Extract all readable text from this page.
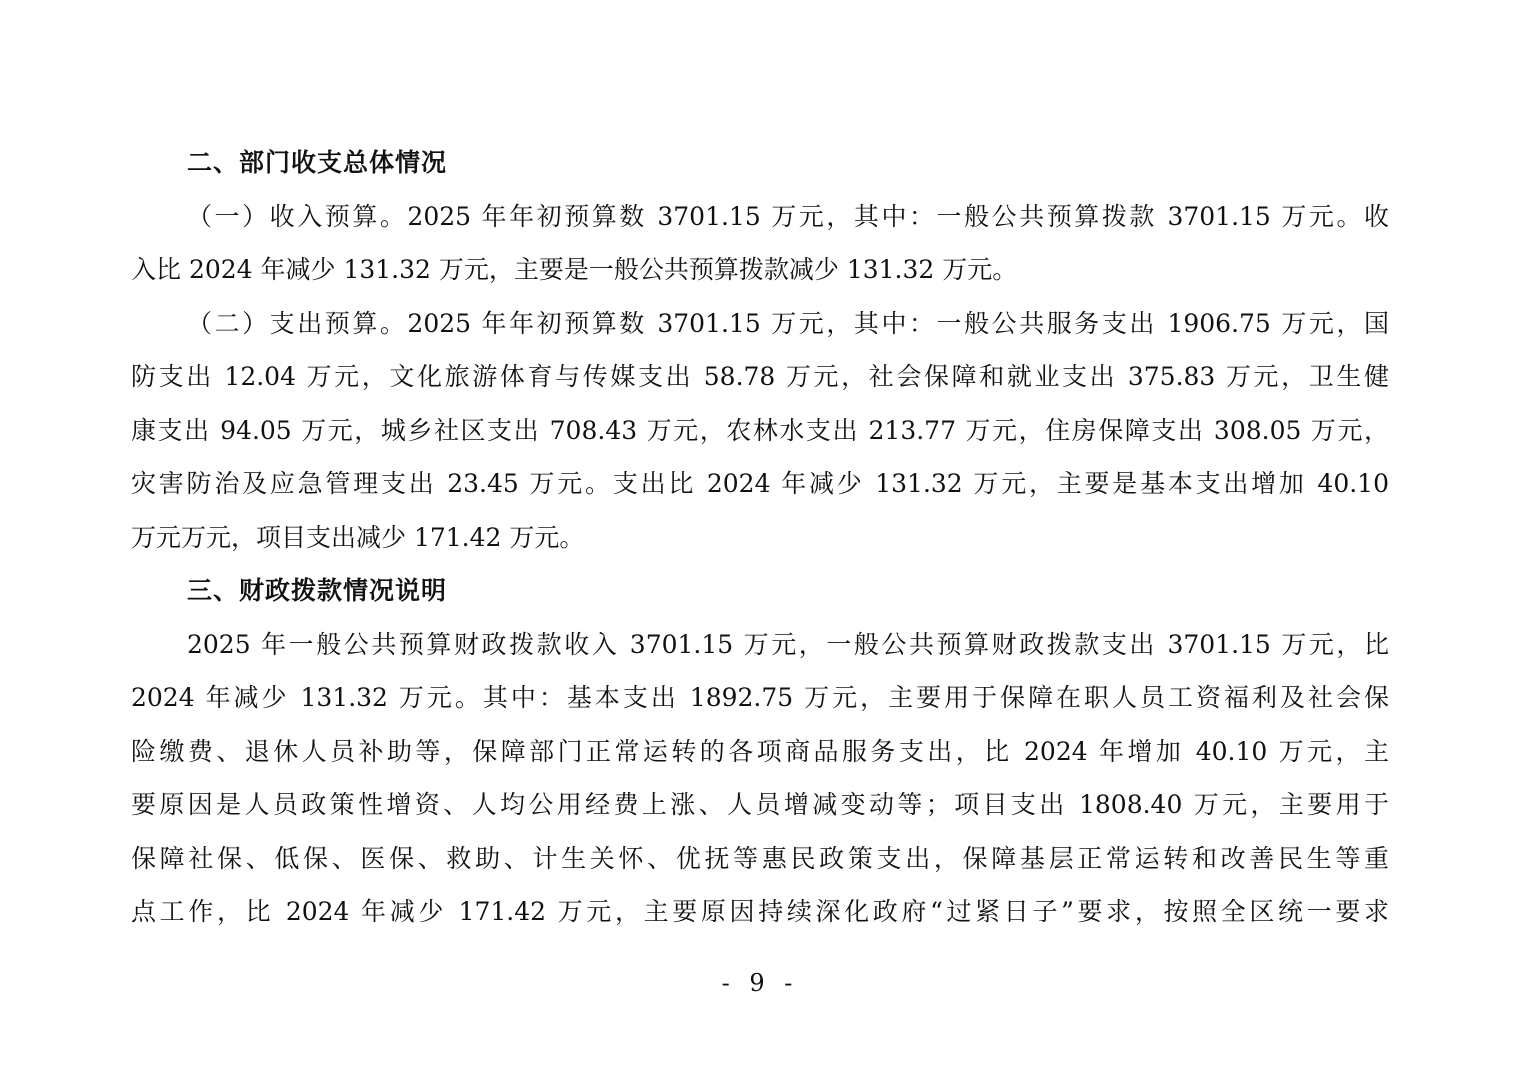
二、部门收支总体情况
（一）收入预算。2025 年年初预算数 3701.15 万元，其中：一般公共预算拨款 3701.15 万元。收
入比 2024 年减少 131.32 万元，主要是一般公共预算拨款减少 131.32 万元。
（二）支出预算。2025 年年初预算数 3701.15 万元，其中：一般公共服务支出 1906.75 万元，国
防支出 12.04 万元，文化旅游体育与传媒支出 58.78 万元，社会保障和就业支出 375.83 万元，卫生健
康支出 94.05 万元，城乡社区支出 708.43 万元，农林水支出 213.77 万元，住房保障支出 308.05 万元，
灾害防治及应急管理支出 23.45 万元。支出比 2024 年减少 131.32 万元，主要是基本支出增加 40.10
万元万元，项目支出减少 171.42 万元。
三、财政拨款情况说明
2025 年一般公共预算财政拨款收入 3701.15 万元，一般公共预算财政拨款支出 3701.15 万元，比
2024 年减少 131.32 万元。其中：基本支出 1892.75 万元，主要用于保障在职人员工资福利及社会保
险缴费、退休人员补助等，保障部门正常运转的各项商品服务支出，比 2024 年增加 40.10 万元，主
要原因是人员政策性增资、人均公用经费上涨、人员增减变动等；项目支出 1808.40 万元，主要用于
保障社保、低保、医保、救助、计生关怀、优抚等惠民政策支出，保障基层正常运转和改善民生等重
点工作，比 2024 年减少 171.42 万元，主要原因持续深化政府“过紧日子”要求，按照全区统一要求
- 9 -
